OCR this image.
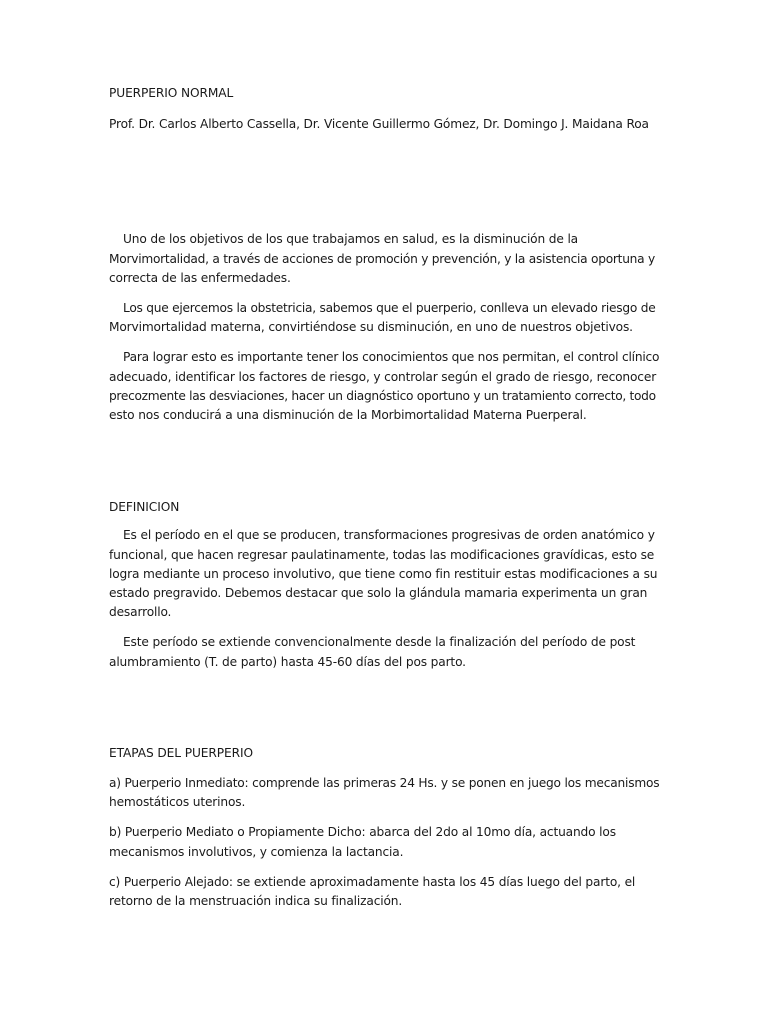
PUERPERIO NORMAL
Prof. Dr. Carlos Alberto Cassella, Dr. Vicente Guillermo Gómez, Dr. Domingo J. Maidana Roa
Uno de los objetivos de los que trabajamos en salud, es la disminución de la
Morvimortalidad, a través de acciones de promoción y prevención, y la asistencia oportuna y
correcta de las enfermedades.
Los que ejercemos la obstetricia, sabemos que el puerperio, conlleva un elevado riesgo de
Morvimortalidad materna, convirtiéndose su disminución, en uno de nuestros objetivos.
Para lograr esto es importante tener los conocimientos que nos permitan, el control clínico
adecuado, identificar los factores de riesgo, y controlar según el grado de riesgo, reconocer
precozmente las desviaciones, hacer un diagnóstico oportuno y un tratamiento correcto, todo
esto nos conducirá a una disminución de la Morbimortalidad Materna Puerperal.
DEFINICION
Es el período en el que se producen, transformaciones progresivas de orden anatómico y
funcional, que hacen regresar paulatinamente, todas las modificaciones gravídicas, esto se
logra mediante un proceso involutivo, que tiene como fin restituir estas modificaciones a su
estado pregravido. Debemos destacar que solo la glándula mamaria experimenta un gran
desarrollo.
Este período se extiende convencionalmente desde la finalización del período de post
alumbramiento (T. de parto) hasta 45-60 días del pos parto.
ETAPAS DEL PUERPERIO
a) Puerperio Inmediato: comprende las primeras 24 Hs. y se ponen en juego los mecanismos
hemostáticos uterinos.
b) Puerperio Mediato o Propiamente Dicho: abarca del 2do al 10mo día, actuando los
mecanismos involutivos, y comienza la lactancia.
c) Puerperio Alejado: se extiende aproximadamente hasta los 45 días luego del parto, el
retorno de la menstruación indica su finalización.
